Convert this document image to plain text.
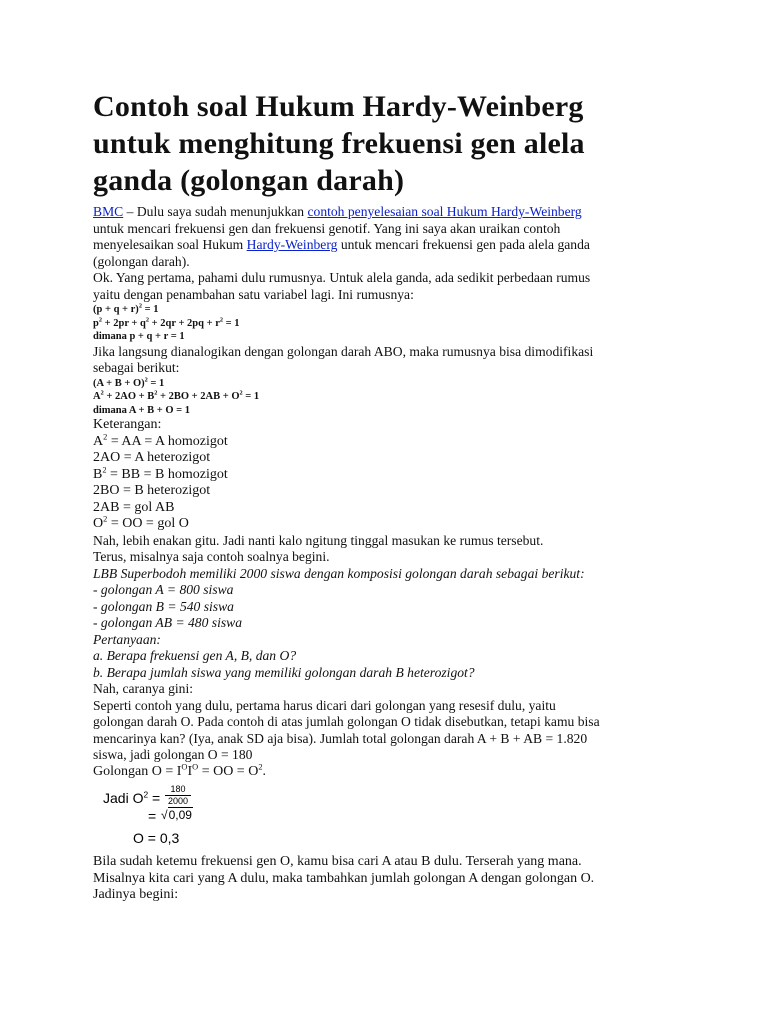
Contoh soal Hukum Hardy-Weinberg untuk menghitung frekuensi gen alela ganda (golongan darah)
BMC – Dulu saya sudah menunjukkan contoh penyelesaian soal Hukum Hardy-Weinberg
untuk mencari frekuensi gen dan frekuensi genotif. Yang ini saya akan uraikan contoh
menyelesaikan soal Hukum Hardy-Weinberg untuk mencari frekuensi gen pada alela ganda
(golongan darah).
Ok. Yang pertama, pahami dulu rumusnya. Untuk alela ganda, ada sedikit perbedaan rumus
yaitu dengan penambahan satu variabel lagi. Ini rumusnya:
$(p + q + r)^2 = 1$
$p^2 + 2pr + q^2 + 2qr + 2pq + r^2 = 1$
dimana p + q + r = 1
Jika langsung dianalogikan dengan golongan darah ABO, maka rumusnya bisa dimodifikasi
sebagai berikut:
$(A + B + O)^2 = 1$
$A^2 + 2AO + B^2 + 2BO + 2AB + O^2 = 1$
dimana A + B + O = 1
Keterangan:
$A^2$ = AA = A homozigot
2AO = A heterozigot
$B^2$ = BB = B homozigot
2BO = B heterozigot
2AB = gol AB
$O^2$ = OO = gol O
Nah, lebih enakan gitu. Jadi nanti kalo ngitung tinggal masukan ke rumus tersebut.
Terus, misalnya saja contoh soalnya begini.
LBB Superbodoh memiliki 2000 siswa dengan komposisi golongan darah sebagai berikut:
- golongan A = 800 siswa
- golongan B = 540 siswa
- golongan AB = 480 siswa
Pertanyaan:
a. Berapa frekuensi gen A, B, dan O?
b. Berapa jumlah siswa yang memiliki golongan darah B heterozigot?
Nah, caranya gini:
Seperti contoh yang dulu, pertama harus dicari dari golongan yang resesif dulu, yaitu
golongan darah O. Pada contoh di atas jumlah golongan O tidak disebutkan, tetapi kamu bisa
mencarinya kan? (Iya, anak SD aja bisa). Jumlah total golongan darah A + B + AB = 1.820
siswa, jadi golongan O = 180
Golongan $O = I^OI^O$ = OO = $O^2$.
Jadi $O^2 = \frac{180}{2000}$
= √0,09
O = 0,3
Bila sudah ketemu frekuensi gen O, kamu bisa cari A atau B dulu. Terserah yang mana.
Misalnya kita cari yang A dulu, maka tambahkan jumlah golongan A dengan golongan O.
Jadinya begini:
